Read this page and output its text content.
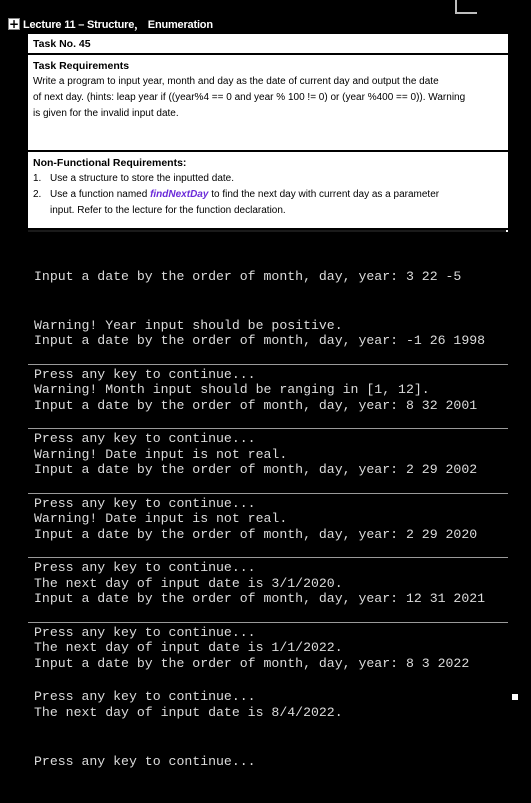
+ Lecture 11 – Structure， Enumeration
Task No. 45
Task Requirements
Write a program to input year, month and day as the date of current day and output the date
of next day. (hints: leap year if ((year%4 == 0 and year % 100 != 0) or (year %400 == 0)). Warning
is given for the invalid input date.
Non-Functional Requirements:
1. Use a structure to store the inputted date.
2. Use a function named findNextDay to find the next day with current day as a parameter
input. Refer to the lecture for the function declaration.

Input a date by the order of month, day, year: 3 22 -5

Warning! Year input should be positive.

Press any key to continue...

Input a date by the order of month, day, year: -1 26 1998

Warning! Month input should be ranging in [1, 12].

Press any key to continue...

Input a date by the order of month, day, year: 8 32 2001

Warning! Date input is not real.

Press any key to continue...

Input a date by the order of month, day, year: 2 29 2002

Warning! Date input is not real.

Press any key to continue...

Input a date by the order of month, day, year: 2 29 2020

The next day of input date is 3/1/2020.

Press any key to continue...

Input a date by the order of month, day, year: 12 31 2021

The next day of input date is 1/1/2022.

Press any key to continue...

Input a date by the order of month, day, year: 8 3 2022

The next day of input date is 8/4/2022.

Press any key to continue...
